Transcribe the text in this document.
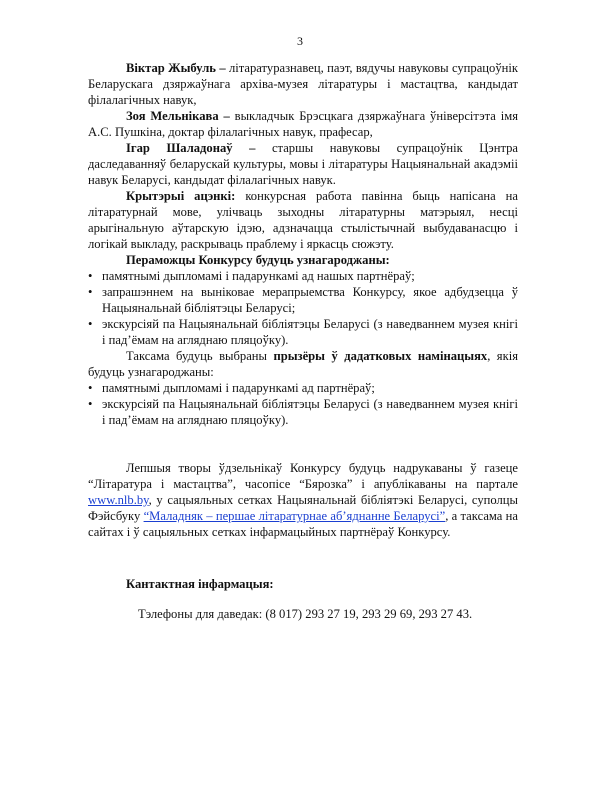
3

Віктар Жыбуль – літаратуразнавец, паэт, вядучы навуковы супрацоўнік Беларускага дзяржаўнага архіва-музея літаратуры і мастацтва, кандыдат філалагічных навук,

Зоя Мельнікава – выкладчык Брэсцкага дзяржаўнага ўніверсітэта імя А.С. Пушкіна, доктар філалагічных навук, прафесар,

Ігар Шаладонаў – старшы навуковы супрацоўнік Цэнтра даследаванняў беларускай культуры, мовы і літаратуры Нацыянальнай акадэміі навук Беларусі, кандыдат філалагічных навук.

Крытэрыі ацэнкі: конкурсная работа павінна быць напісана на літаратурнай мове, улічваць зыходны літаратурны матэрыял, несці арыгінальную аўтарскую ідэю, адзначацца стылістычнай выбудаванасцю і логікай выкладу, раскрываць праблему і яркасць сюжэту.

Пераможцы Конкурсу будуць узнагароджаны:

• памятнымі дыпломамі і падарункамі ад нашых партнёраў;
• запрашэннем на выніковае мерапрыемства Конкурсу, якое адбудзецца ў Нацыянальнай бібліятэцы Беларусі;
• экскурсіяй па Нацыянальнай бібліятэцы Беларусі (з наведваннем музея кнігі і пад’ёмам на агляднаю пляцоўку).

Таксама будуць выбраны прызёры ў дадатковых намінацыях, якія будуць узнагароджаны:

• памятнымі дыпломамі і падарункамі ад партнёраў;
• экскурсіяй па Нацыянальнай бібліятэцы Беларусі (з наведваннем музея кнігі і пад’ёмам на агляднаю пляцоўку).

Лепшыя творы ўдзельнікаў Конкурсу будуць надрукаваны ў газеце “Літаратура і мастацтва”, часопісе “Бярозка” і апублікаваны на партале www.nlb.by, у сацыяльных сетках Нацыянальнай бібліятэкі Беларусі, суполцы Фэйсбуку “Маладняк – першае літаратурнае аб’яднанне Беларусі”, а таксама на сайтах і ў сацыяльных сетках інфармацыйных партнёраў Конкурсу.

Кантактная інфармацыя:

Тэлефоны для даведак: (8 017) 293 27 19, 293 29 69, 293 27 43.
